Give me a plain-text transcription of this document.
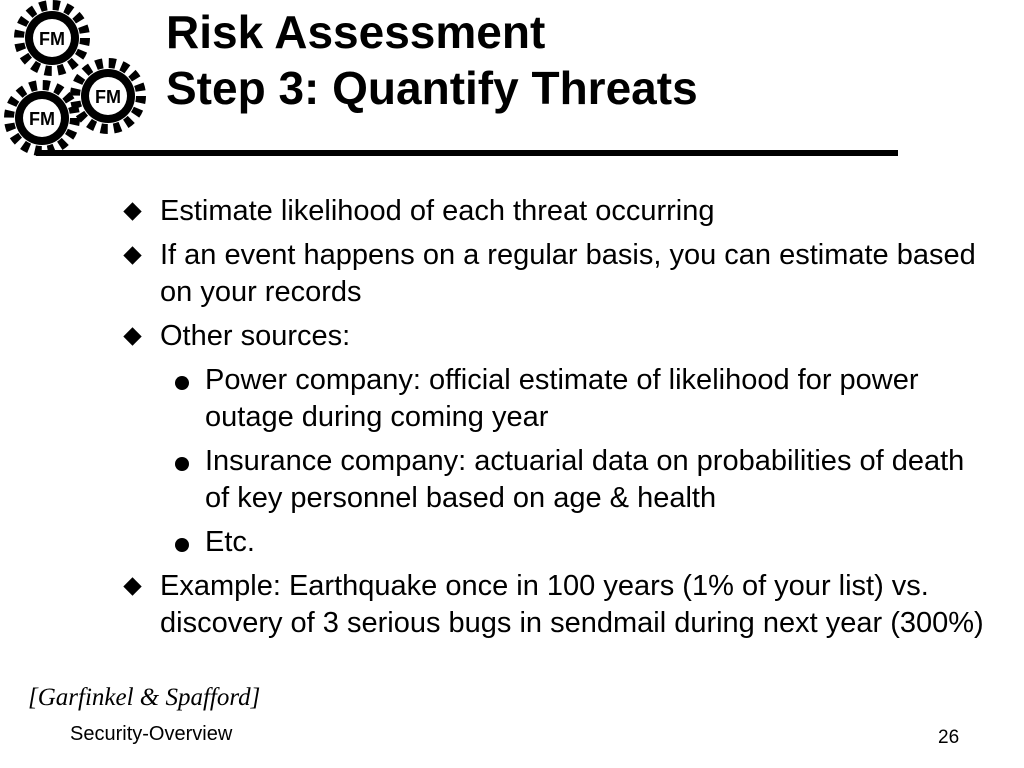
FM
FM
FM
Risk Assessment
Step 3: Quantify Threats
Estimate likelihood of each threat occurring
If an event happens on a regular basis, you can estimate based on your records
Other sources:
Power company: official estimate of likelihood for power outage during coming year
Insurance company: actuarial data on probabilities of death of key personnel based on age & health
Etc.
Example: Earthquake once in 100 years (1% of your list) vs. discovery of 3 serious bugs in sendmail during next year (300%)
[Garfinkel & Spafford]
Security-Overview	26
